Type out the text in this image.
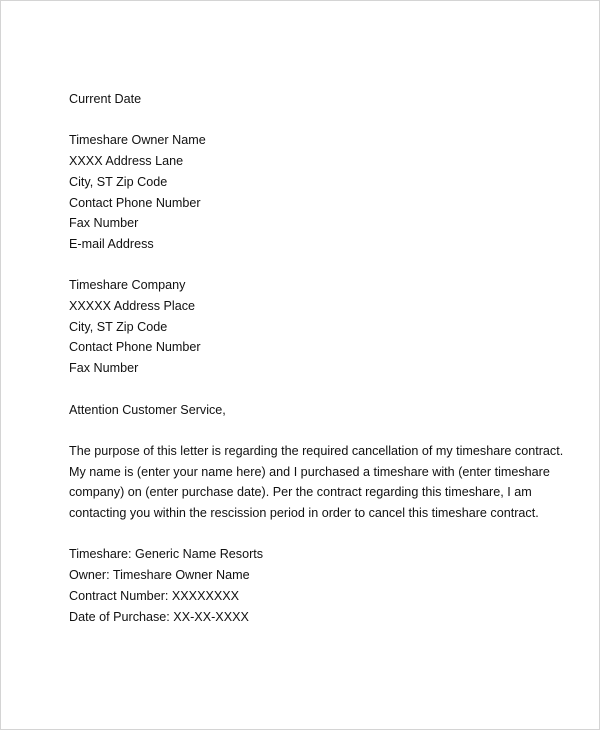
Current Date
Timeshare Owner Name
XXXX Address Lane
City, ST Zip Code
Contact Phone Number
Fax Number
E-mail Address
Timeshare Company
XXXXX Address Place
City, ST Zip Code
Contact Phone Number
Fax Number
Attention Customer Service,
The purpose of this letter is regarding the required cancellation of my timeshare contract.
My name is (enter your name here) and I purchased a timeshare with (enter timeshare
company) on (enter purchase date). Per the contract regarding this timeshare, I am
contacting you within the rescission period in order to cancel this timeshare contract.
Timeshare: Generic Name Resorts
Owner: Timeshare Owner Name
Contract Number: XXXXXXXX
Date of Purchase: XX-XX-XXXX
